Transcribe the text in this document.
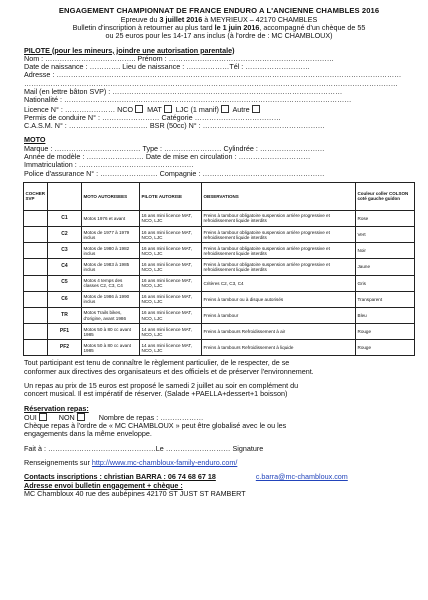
ENGAGEMENT CHAMPIONNAT DE FRANCE ENDURO A L'ANCIENNE CHAMBLES 2016
Epreuve du 3 juillet 2016 à MEYRIEUX – 42170 CHAMBLES
Bulletin d'inscription à retourner au plus tard le 1 juin 2016, accompagné d'un chèque de 55
ou 25 euros pour les 14-17 ans inclus (à l'ordre de : MC CHAMBLOUX)
PILOTE (pour les mineurs, joindre une autorisation parentale)
Nom : ……………………………….. Prénom : ……………………………………………………………
Date de naissance : …………. Lieu de naissance : ………………Tél : ………………………
Adresse : ………………………………………………………………………………………………………………………………
…………………………………………………………………………………………………………………………………………
Mail (en lettre bâton SVP) : ……………………………………………………………………………………
Nationalité : …………………………………………………………………………………………………………
Licence N° : ………………… NCO MAT LJC (1 manif) Autre
Permis de conduire N° : …………………… Catégorie ………………………………
C.A.S.M. N° : …………………………… BSR (50cc) N° : ……………………………………………
MOTO
Marque : ……………………………… Type : …………………… Cylindrée : ………………………
Année de modèle : …………………… Date de mise en circulation : …………………………
Immatriculation : …………………………………………
Police d'assurance N° : …………………… Compagnie : ……………………………………………
COCHER SVP		MOTO AUTORISEES	PILOTE AUTORISE	OBSERVATIONS	Couleur coller COLSON coté gauche guidon
	C1	Motos 1976 et avant	16 ans mini licence MAT, NCO, LJC	Freins à tambour obligatoire suspension arrière progressive et refroidissement liquide interdits	Rose
	C2	Motos de 1977 à 1979 inclus	16 ans mini licence MAT, NCO, LJC	Freins à tambour obligatoire suspension arrière progressive et refroidissement liquide interdits	Vert
	C3	Motos de 1980 à 1982 inclus	16 ans mini licence MAT, NCO, LJC	Freins à tambour obligatoire suspension arrière progressive et refroidissement liquide interdits	Noir
	C4	Motos de 1983 à 1985 inclus	16 ans mini licence MAT, NCO, LJC	Freins à tambour obligatoire suspension arrière progressive et refroidissement liquide interdits	Jaune
	C5	Motos 4 temps des classes C2, C3, C4	16 ans mini licence MAT, NCO, LJC	Critères C2, C3, C4	Gris
	C6	Motos de 1986 à 1990 inclus	16 ans mini licence MAT, NCO, LJC	Freins à tambour ou à disque autorisés	Transparent
	TR	Motos Trails bikes, d'origine, avant 1986	16 ans mini licence MAT, NCO, LJC	Freins à tambour	Bleu
	PF1	Motos 50 à 80 cc avant 1985	14 ans mini licence MAT, NCO, LJC	Freins à tambours Refroidissement à air	Rouge
	PF2	Motos 50 à 80 cc avant 1985	14 ans mini licence MAT, NCO, LJC	Freins à tambours Refroidissement à liquide	Rouge
Tout participant est tenu de connaître le règlement particulier, de le respecter, de se
conformer aux directives des organisateurs et des officiels et de préserver l'environnement.
Un repas au prix de 15 euros est proposé le samedi 2 juillet au soir en complément du
concert musical. Il est impératif de réserver. (Salade +PAELLA+dessert+1 boisson)
Réservation repas:
OUI	NON	Nombre de repas : ………………
Chèque repas à l'ordre de « MC CHAMBLOUX » peut être globalisé avec le ou les
engagements dans la même enveloppe.
Fait à : ………………………………………Le ……………………… Signature
Renseignements sur http://www.mc-chambloux-family-enduro.com/
Contacts inscriptions : christian BARRA : 06 74 68 67 18	c.barra@mc-chambloux.com
Adresse envoi bulletin engagement + chèque :
MC Chambloux 40 rue des aubépines 42170 ST JUST ST RAMBERT
